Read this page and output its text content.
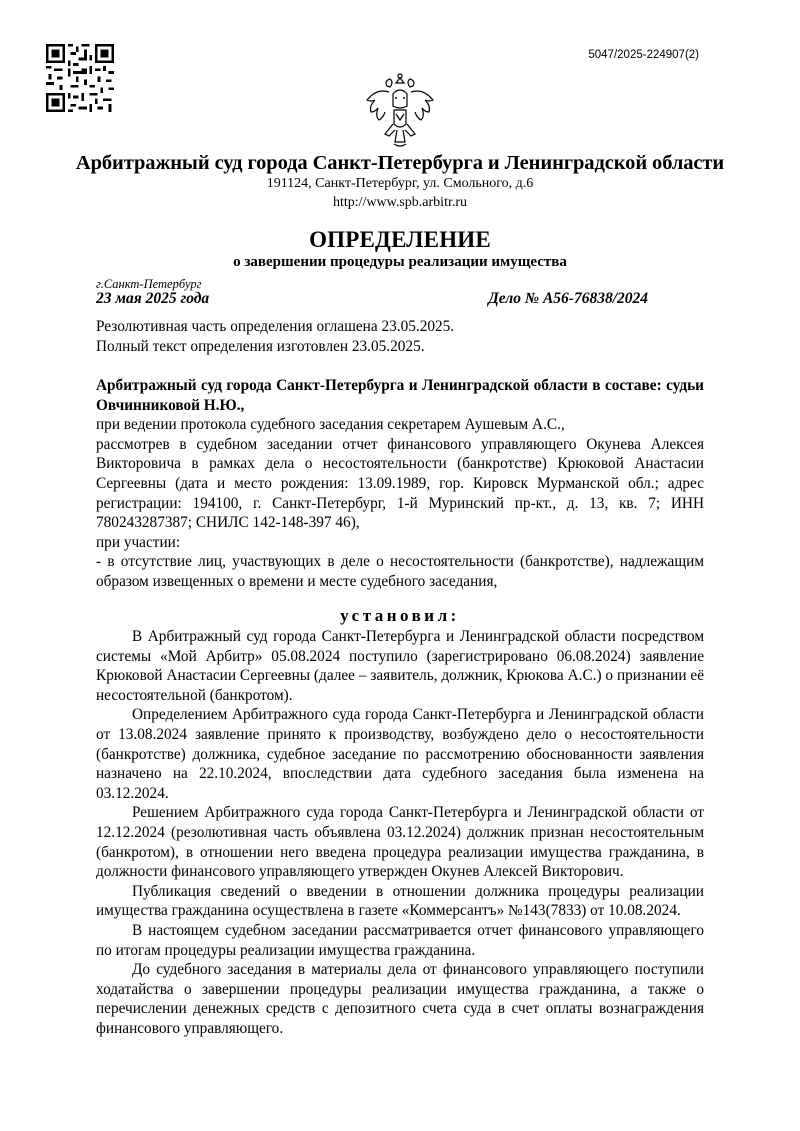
5047/2025-224907(2)
Арбитражный суд города Санкт-Петербурга и Ленинградской области
191124, Санкт-Петербург, ул. Смольного, д.6
http://www.spb.arbitr.ru
ОПРЕДЕЛЕНИЕ
о завершении процедуры реализации имущества
г.Санкт-Петербург
23 мая 2025 года	Дело № А56-76838/2024

Резолютивная часть определения оглашена 23.05.2025.

Полный текст определения изготовлен 23.05.2025.

Арбитражный суд города Санкт-Петербурга и Ленинградской области в составе: судьи Овчинниковой Н.Ю.,

при ведении протокола судебного заседания секретарем Аушевым А.С.,

рассмотрев в судебном заседании отчет финансового управляющего Окунева Алексея Викторовича в рамках дела о несостоятельности (банкротстве) Крюковой Анастасии Сергеевны (дата и место рождения: 13.09.1989, гор. Кировск Мурманской обл.; адрес регистрации: 194100, г. Санкт-Петербург, 1-й Муринский пр-кт., д. 13, кв. 7; ИНН 780243287387; СНИЛС 142-148-397 46),

при участии:

- в отсутствие лиц, участвующих в деле о несостоятельности (банкротстве), надлежащим образом извещенных о времени и месте судебного заседания,

установил:

В Арбитражный суд города Санкт-Петербурга и Ленинградской области посредством системы «Мой Арбитр» 05.08.2024 поступило (зарегистрировано 06.08.2024) заявление Крюковой Анастасии Сергеевны (далее – заявитель, должник, Крюкова А.С.) о признании её несостоятельной (банкротом).

Определением Арбитражного суда города Санкт-Петербурга и Ленинградской области от 13.08.2024 заявление принято к производству, возбуждено дело о несостоятельности (банкротстве) должника, судебное заседание по рассмотрению обоснованности заявления назначено на 22.10.2024, впоследствии дата судебного заседания была изменена на 03.12.2024.

Решением Арбитражного суда города Санкт-Петербурга и Ленинградской области от 12.12.2024 (резолютивная часть объявлена 03.12.2024) должник признан несостоятельным (банкротом), в отношении него введена процедура реализации имущества гражданина, в должности финансового управляющего утвержден Окунев Алексей Викторович.

Публикация сведений о введении в отношении должника процедуры реализации имущества гражданина осуществлена в газете «Коммерсантъ» №143(7833) от 10.08.2024.

В настоящем судебном заседании рассматривается отчет финансового управляющего по итогам процедуры реализации имущества гражданина.

До судебного заседания в материалы дела от финансового управляющего поступили ходатайства о завершении процедуры реализации имущества гражданина, а также о перечислении денежных средств с депозитного счета суда в счет оплаты вознаграждения финансового управляющего.
